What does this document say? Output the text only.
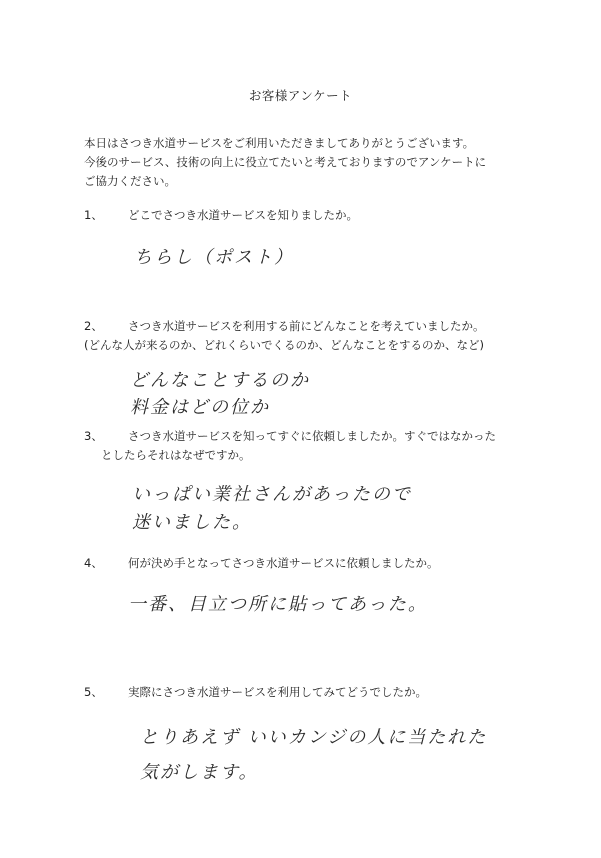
お客様アンケート
本日はさつき水道サービスをご利用いただきましてありがとうございます。
今後のサービス、技術の向上に役立てたいと考えておりますのでアンケートに
ご協力ください。
1、 どこでさつき水道サービスを知りましたか。
ちらし（ポスト）
2、 さつき水道サービスを利用する前にどんなことを考えていましたか。
(どんな人が来るのか、どれくらいでくるのか、どんなことをするのか、など)
どんなことするのか
料金はどの位か
3、 さつき水道サービスを知ってすぐに依頼しましたか。すぐではなかった
としたらそれはなぜですか。
いっぱい業社さんがあったので
迷いました。
4、 何が決め手となってさつき水道サービスに依頼しましたか。
一番、目立つ所に貼ってあった。
5、 実際にさつき水道サービスを利用してみてどうでしたか。
とりあえず いいカンジの人に当たれた
気がします。
